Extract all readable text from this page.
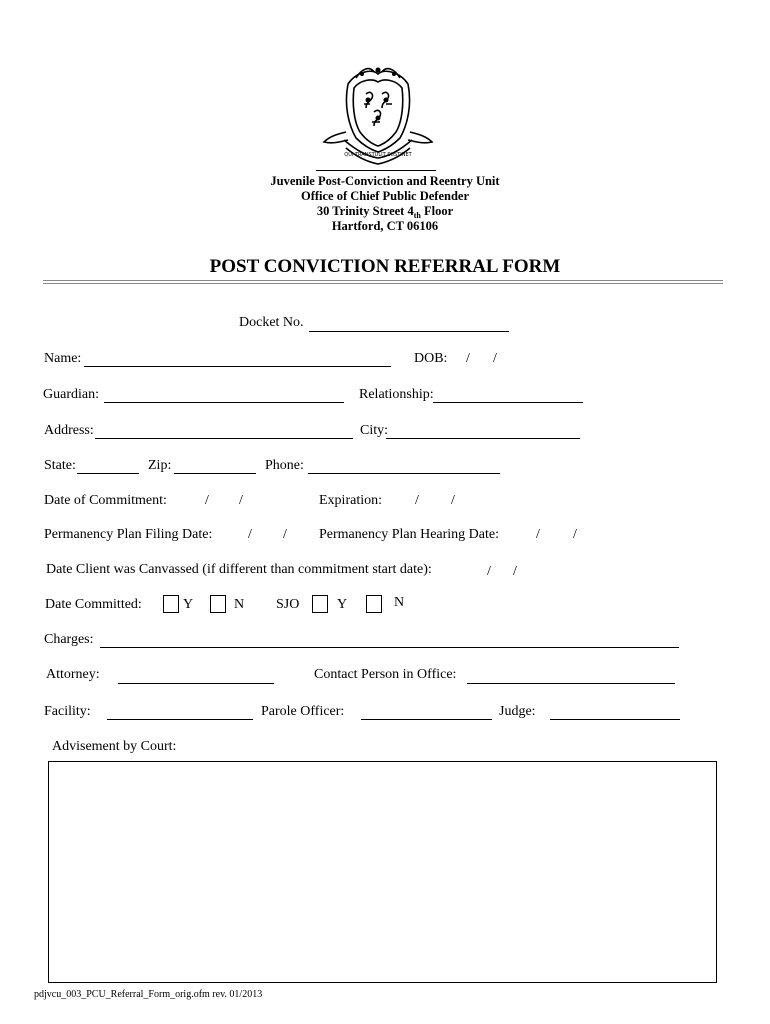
QUI TRANSTULIT SUSTINET
Juvenile Post-Conviction and Reentry Unit
Office of Chief Public Defender
30 Trinity Street $4_{th}$ Floor
Hartford, CT 06106
POST CONVICTION REFERRAL FORM
Docket No.
Name:	DOB: / /
Guardian:	Relationship:
Address:	City:
State:	Zip:	Phone:
Date of Commitment:	/ /	Expiration: / /
Permanency Plan Filing Date:	/ / Permanency Plan Hearing Date:	/ /
Date Client was Canvassed (if different than commitment start date):	/ /
Date Committed:	Y	N SJO	Y	N
Charges:
Attorney:	Contact Person in Office:
Facility:	Parole Officer:	Judge:
Advisement by Court:
pdjvcu_003_PCU_Referral_Form_orig.ofm rev. 01/2013
